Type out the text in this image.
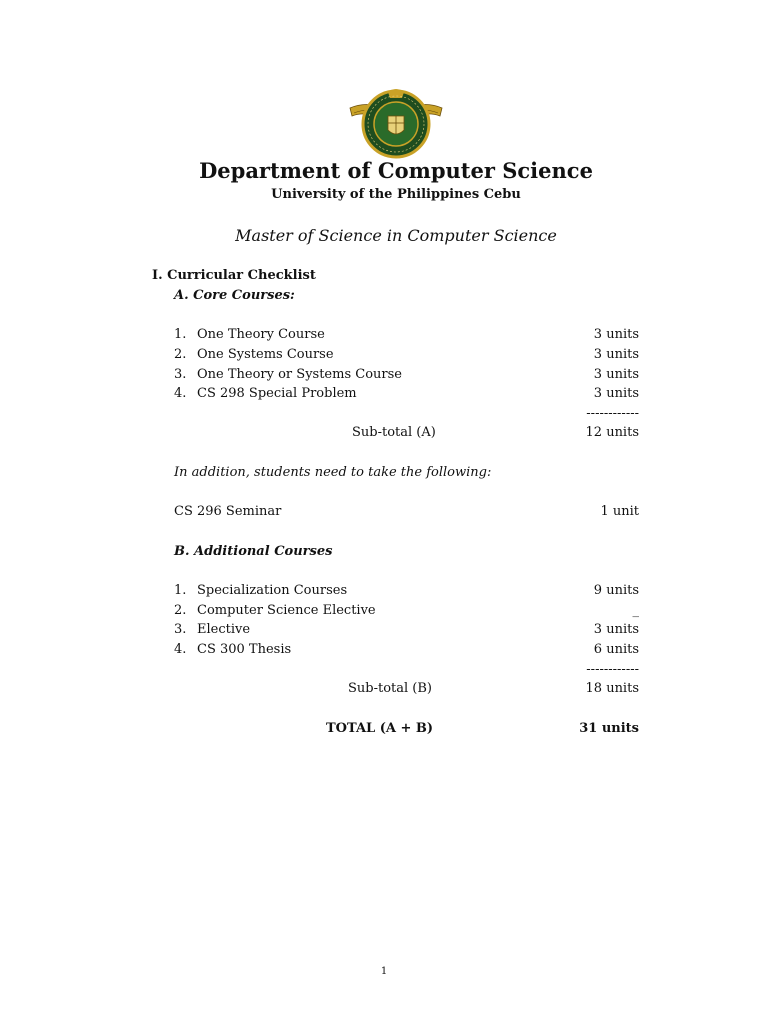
Department of Computer Science
University of the Philippines Cebu
Master of Science in Computer Science
I. Curricular Checklist
A. Core Courses:
1. One Theory Course	3 units
2. One Systems Course	3 units
3. One Theory or Systems Course	3 units
4. CS 298 Special Problem	3 units
------------
Sub-total (A)	12 units
In addition, students need to take the following:
CS 296 Seminar	1 unit
B. Additional Courses
1. Specialization Courses	9 units
2. Computer Science Elective	_
3. Elective	3 units
4. CS 300 Thesis	6 units
------------
Sub-total (B)	18 units
TOTAL (A + B)	31 units
1
